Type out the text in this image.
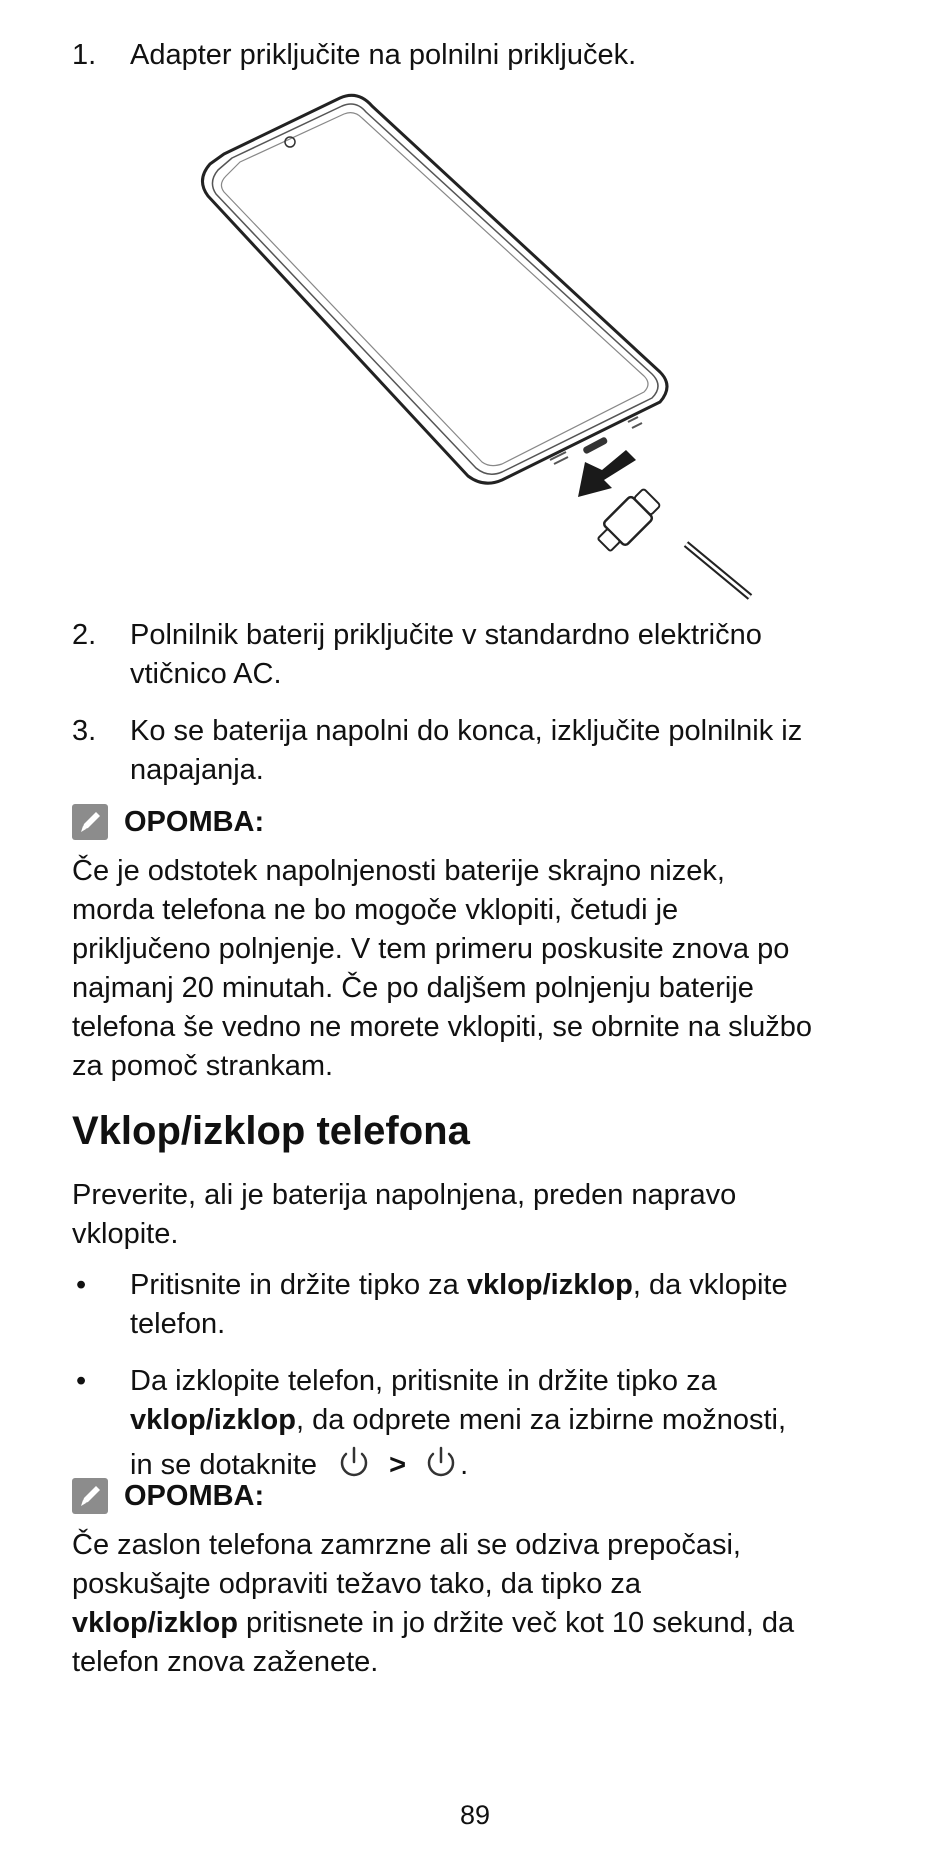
1.	Adapter priključite na polnilni priključek.
2.	Polnilnik baterij priključite v standardno električno
vtičnico AC.
3.	Ko se baterija napolni do konca, izključite polnilnik iz
napajanja.
OPOMBA:
Če je odstotek napolnjenosti baterije skrajno nizek,
morda telefona ne bo mogoče vklopiti, četudi je
priključeno polnjenje. V tem primeru poskusite znova po
najmanj 20 minutah. Če po daljšem polnjenju baterije
telefona še vedno ne morete vklopiti, se obrnite na službo
za pomoč strankam.
Vklop/izklop telefona
Preverite, ali je baterija napolnjena, preden napravo
vklopite.
• Pritisnite in držite tipko za vklop/izklop, da vklopite
telefon.
• Da izklopite telefon, pritisnite in držite tipko za
vklop/izklop, da odprete meni za izbirne možnosti,
in se dotaknite > .
OPOMBA:
Če zaslon telefona zamrzne ali se odziva prepočasi,
poskušajte odpraviti težavo tako, da tipko za
vklop/izklop pritisnete in jo držite več kot 10 sekund, da
telefon znova zaženete.
89
